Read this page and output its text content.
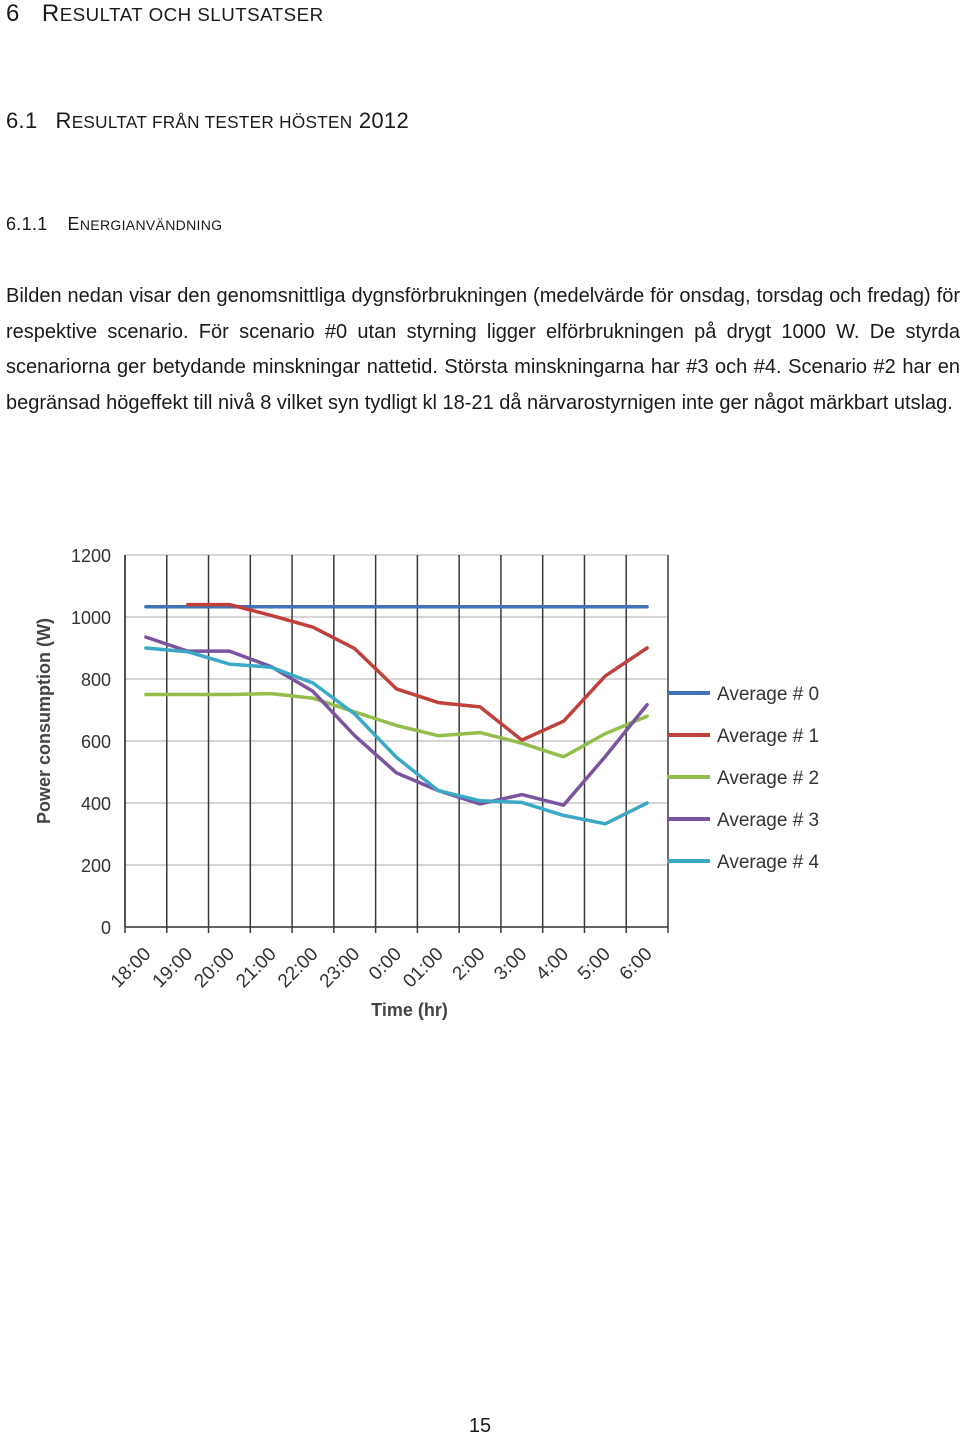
6 RESULTAT OCH SLUTSATSER
6.1 RESULTAT FRÅN TESTER HÖSTEN 2012
6.1.1 ENERGIANVÄNDNING

Bilden nedan visar den genomsnittliga dygnsförbrukningen (medelvärde för onsdag, torsdag och fredag) för respektive scenario. För scenario #0 utan styrning ligger elförbrukningen på drygt 1000 W. De styrda scenariorna ger betydande minskningar nattetid. Största minskningarna har #3 och #4. Scenario #2 har en begränsad högeffekt till nivå 8 vilket syn tydligt kl 18-21 då närvarostyrnigen inte ger något märkbart utslag.

0
200
400
600
800
1000
1200
18:00
19:00
20:00
21:00
22:00
23:00 0:00
01:00 2:00 3:00 4:00 5:00 6:00
Time (hr)
Power consumption (W)	Average # 0
Average # 1
Average # 2
Average # 3
Average # 4
15
